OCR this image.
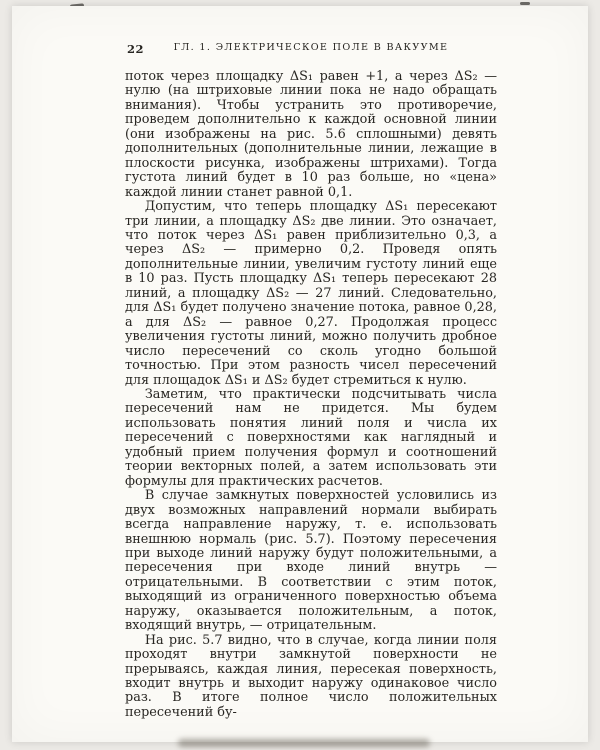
22	ГЛ. 1. ЭЛЕКТРИЧЕСКОЕ ПОЛЕ В ВАКУУМЕ

поток через площадку ΔS₁ равен +1, а через ΔS₂ — нулю (на штриховые линии пока не надо обращать внимания). Чтобы устранить это противоречие, проведем дополнительно к каждой основной линии (они изображены на рис. 5.6 сплошными) девять дополнительных (дополнительные линии, лежащие в плоскости рисунка, изображены штрихами). Тогда густота линий будет в 10 раз больше, но «цена» каждой линии станет равной 0,1.

Допустим, что теперь площадку ΔS₁ пересекают три линии, а площадку ΔS₂ две линии. Это означает, что поток через ΔS₁ равен приблизительно 0,3, а через ΔS₂ — примерно 0,2. Проведя опять дополнительные линии, увеличим густоту линий еще в 10 раз. Пусть площадку ΔS₁ теперь пересекают 28 линий, а площадку ΔS₂ — 27 линий. Следовательно, для ΔS₁ будет получено значение потока, равное 0,28, а для ΔS₂ — равное 0,27. Продолжая процесс увеличения густоты линий, можно получить дробное число пересечений со сколь угодно большой точностью. При этом разность чисел пересечений для площадок ΔS₁ и ΔS₂ будет стремиться к нулю.

Заметим, что практически подсчитывать числа пересечений нам не придется. Мы будем использовать понятия линий поля и числа их пересечений с поверхностями как наглядный и удобный прием получения формул и соотношений теории векторных полей, а затем использовать эти формулы для практических расчетов.

В случае замкнутых поверхностей условились из двух возможных направлений нормали выбирать всегда направление наружу, т. е. использовать внешнюю нормаль (рис. 5.7). Поэтому пересечения при выходе линий наружу будут положительными, а пересечения при входе линий внутрь — отрицательными. В соответствии с этим поток, выходящий из ограниченного поверхностью объема наружу, оказывается положительным, а поток, входящий внутрь, — отрицательным.

На рис. 5.7 видно, что в случае, когда линии поля проходят внутри замкнутой поверхности не прерываясь, каждая линия, пересекая поверхность, входит внутрь и выходит наружу одинаковое число раз. В итоге полное число положительных пересечений бу-
